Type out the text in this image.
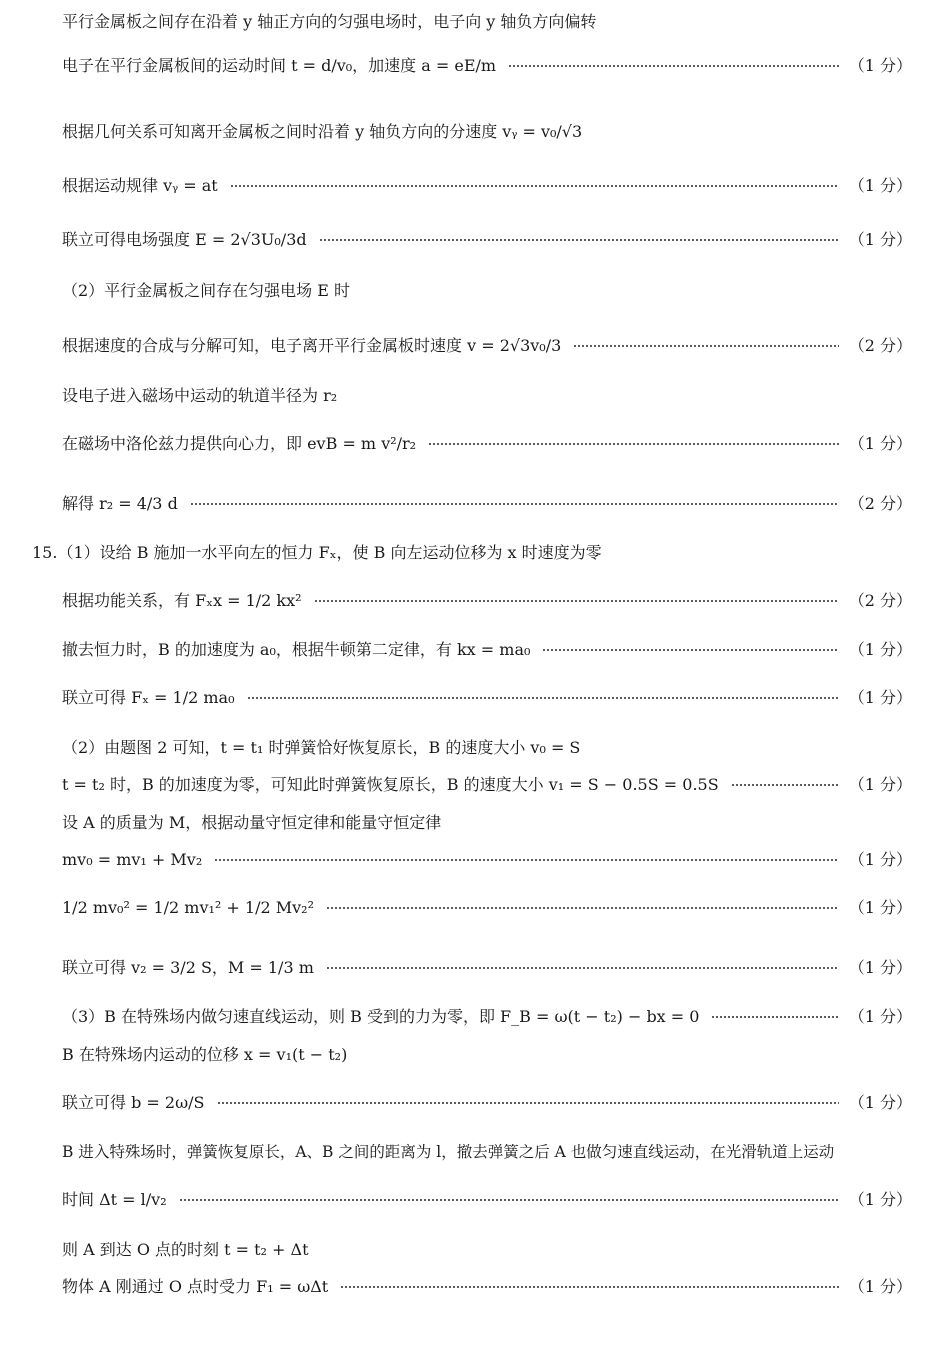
平行金属板之间存在沿着 y 轴正方向的匀强电场时，电子向 y 轴负方向偏转
电子在平行金属板间的运动时间 t = d/v₀，加速度 a = eE/m	（1 分）
根据几何关系可知离开金属板之间时沿着 y 轴负方向的分速度 vᵧ = v₀/√3
根据运动规律 vᵧ = at	（1 分）
联立可得电场强度 E = 2√3U₀/3d	（1 分）
（2）平行金属板之间存在匀强电场 E 时
根据速度的合成与分解可知，电子离开平行金属板时速度 v = 2√3v₀/3	（2 分）
设电子进入磁场中运动的轨道半径为 r₂
在磁场中洛伦兹力提供向心力，即 evB = m v²/r₂	（1 分）
解得 r₂ = 4/3 d	（2 分）
15.（1）设给 B 施加一水平向左的恒力 Fₓ，使 B 向左运动位移为 x 时速度为零
根据功能关系，有 Fₓx = 1/2 kx²	（2 分）
撤去恒力时，B 的加速度为 a₀，根据牛顿第二定律，有 kx = ma₀	（1 分）
联立可得 Fₓ = 1/2 ma₀	（1 分）
（2）由题图 2 可知，t = t₁ 时弹簧恰好恢复原长，B 的速度大小 v₀ = S
t = t₂ 时，B 的加速度为零，可知此时弹簧恢复原长，B 的速度大小 v₁ = S − 0.5S = 0.5S	（1 分）
设 A 的质量为 M，根据动量守恒定律和能量守恒定律
mv₀ = mv₁ + Mv₂	（1 分）
1/2 mv₀² = 1/2 mv₁² + 1/2 Mv₂²	（1 分）
联立可得 v₂ = 3/2 S，M = 1/3 m	（1 分）
（3）B 在特殊场内做匀速直线运动，则 B 受到的力为零，即 F_B = ω(t − t₂) − bx = 0	（1 分）
B 在特殊场内运动的位移 x = v₁(t − t₂)
联立可得 b = 2ω/S	（1 分）
B 进入特殊场时，弹簧恢复原长，A、B 之间的距离为 l，撤去弹簧之后 A 也做匀速直线运动，在光滑轨道上运动
时间 Δt = l/v₂	（1 分）
则 A 到达 O 点的时刻 t = t₂ + Δt
物体 A 刚通过 O 点时受力 F₁ = ωΔt	（1 分）
